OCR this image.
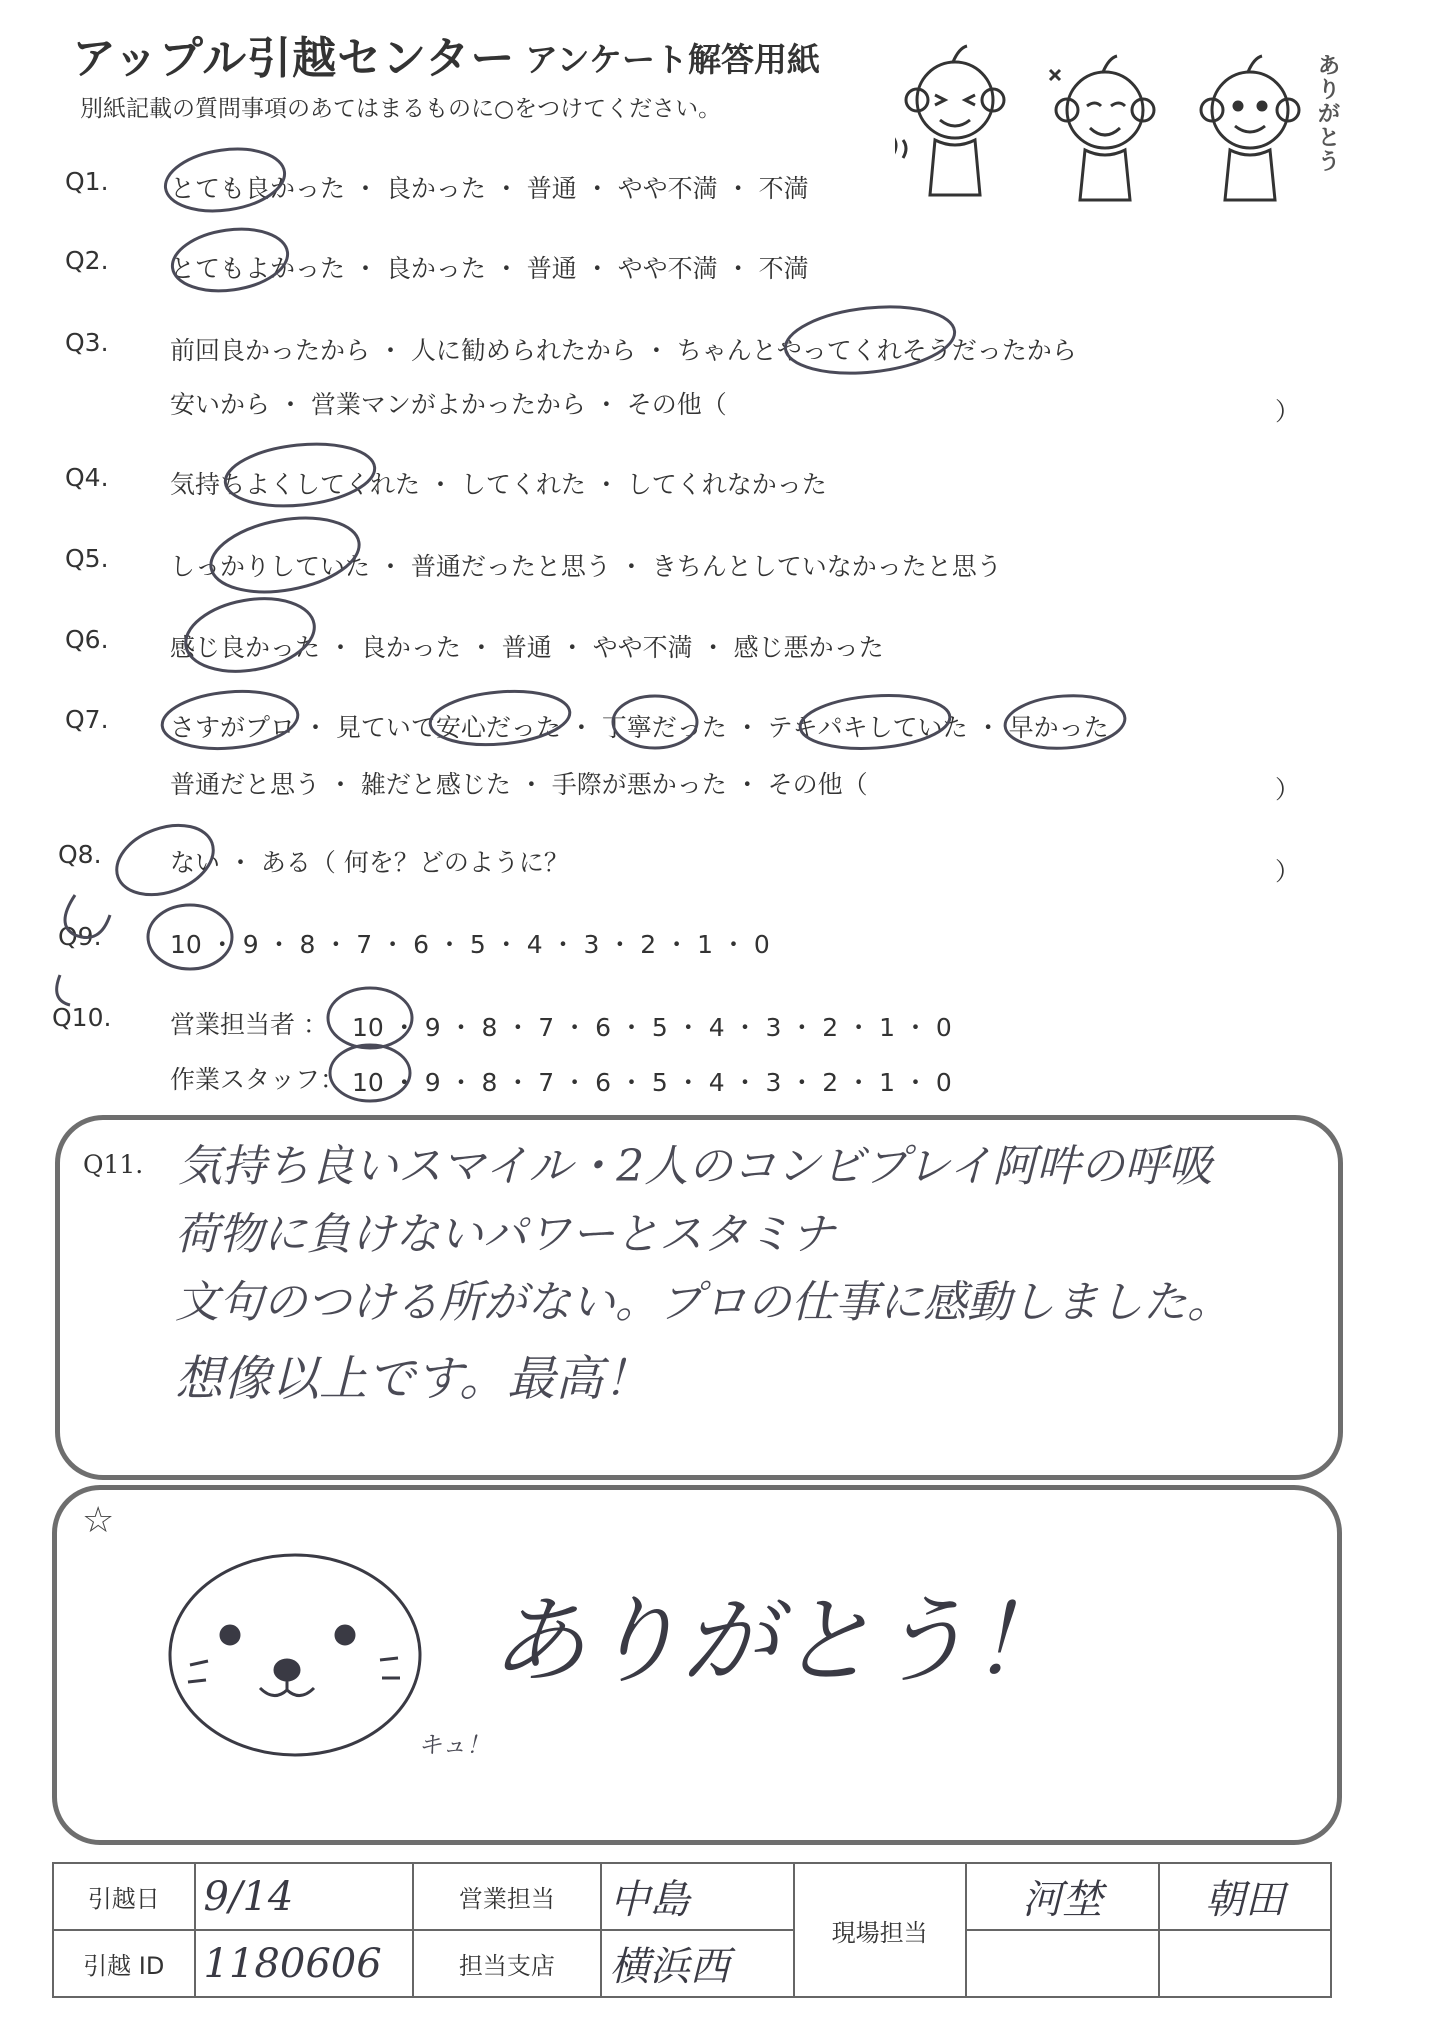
アップル引越センター アンケート解答用紙
別紙記載の質問事項のあてはまるものに○をつけてください。
あ
り
が
と
う
Q1. とても良かった ・ 良かった ・ 普通 ・ やや不満 ・ 不満
Q2. とてもよかった ・ 良かった ・ 普通 ・ やや不満 ・ 不満
Q3. 前回良かったから ・ 人に勧められたから ・ ちゃんとやってくれそうだったから
安いから ・ 営業マンがよかったから ・ その他（	）
Q4. 気持ちよくしてくれた ・ してくれた ・ してくれなかった
Q5. しっかりしていた ・ 普通だったと思う ・ きちんとしていなかったと思う
Q6. 感じ良かった ・ 良かった ・ 普通 ・ やや不満 ・ 感じ悪かった
Q7. さすがプロ ・ 見ていて安心だった ・ 丁寧だった ・ テキパキしていた ・ 早かった
普通だと思う ・ 雑だと感じた ・ 手際が悪かった ・ その他（	）
Q8.	ない ・ ある（ 何を？どのように？	）
Q9.	10 ・ 9 ・ 8 ・ 7 ・ 6 ・ 5 ・ 4 ・ 3 ・ 2 ・ 1 ・ 0
Q10. 営業担当者 ： 10 ・ 9 ・ 8 ・ 7 ・ 6 ・ 5 ・ 4 ・ 3 ・ 2 ・ 1 ・ 0
作業スタッフ： 10 ・ 9 ・ 8 ・ 7 ・ 6 ・ 5 ・ 4 ・ 3 ・ 2 ・ 1 ・ 0
Q11. 気持ち良いスマイル・2人のコンビプレイ阿吽の呼吸
荷物に負けないパワーとスタミナ
文句のつける所がない。プロの仕事に感動しました。
想像以上です。最高！
☆
キュ！
ありがとう！
引越日	9/14	営業担当	中島	現場担当	河埜	朝田
引越 ID	1180606	担当支店	横浜西			
